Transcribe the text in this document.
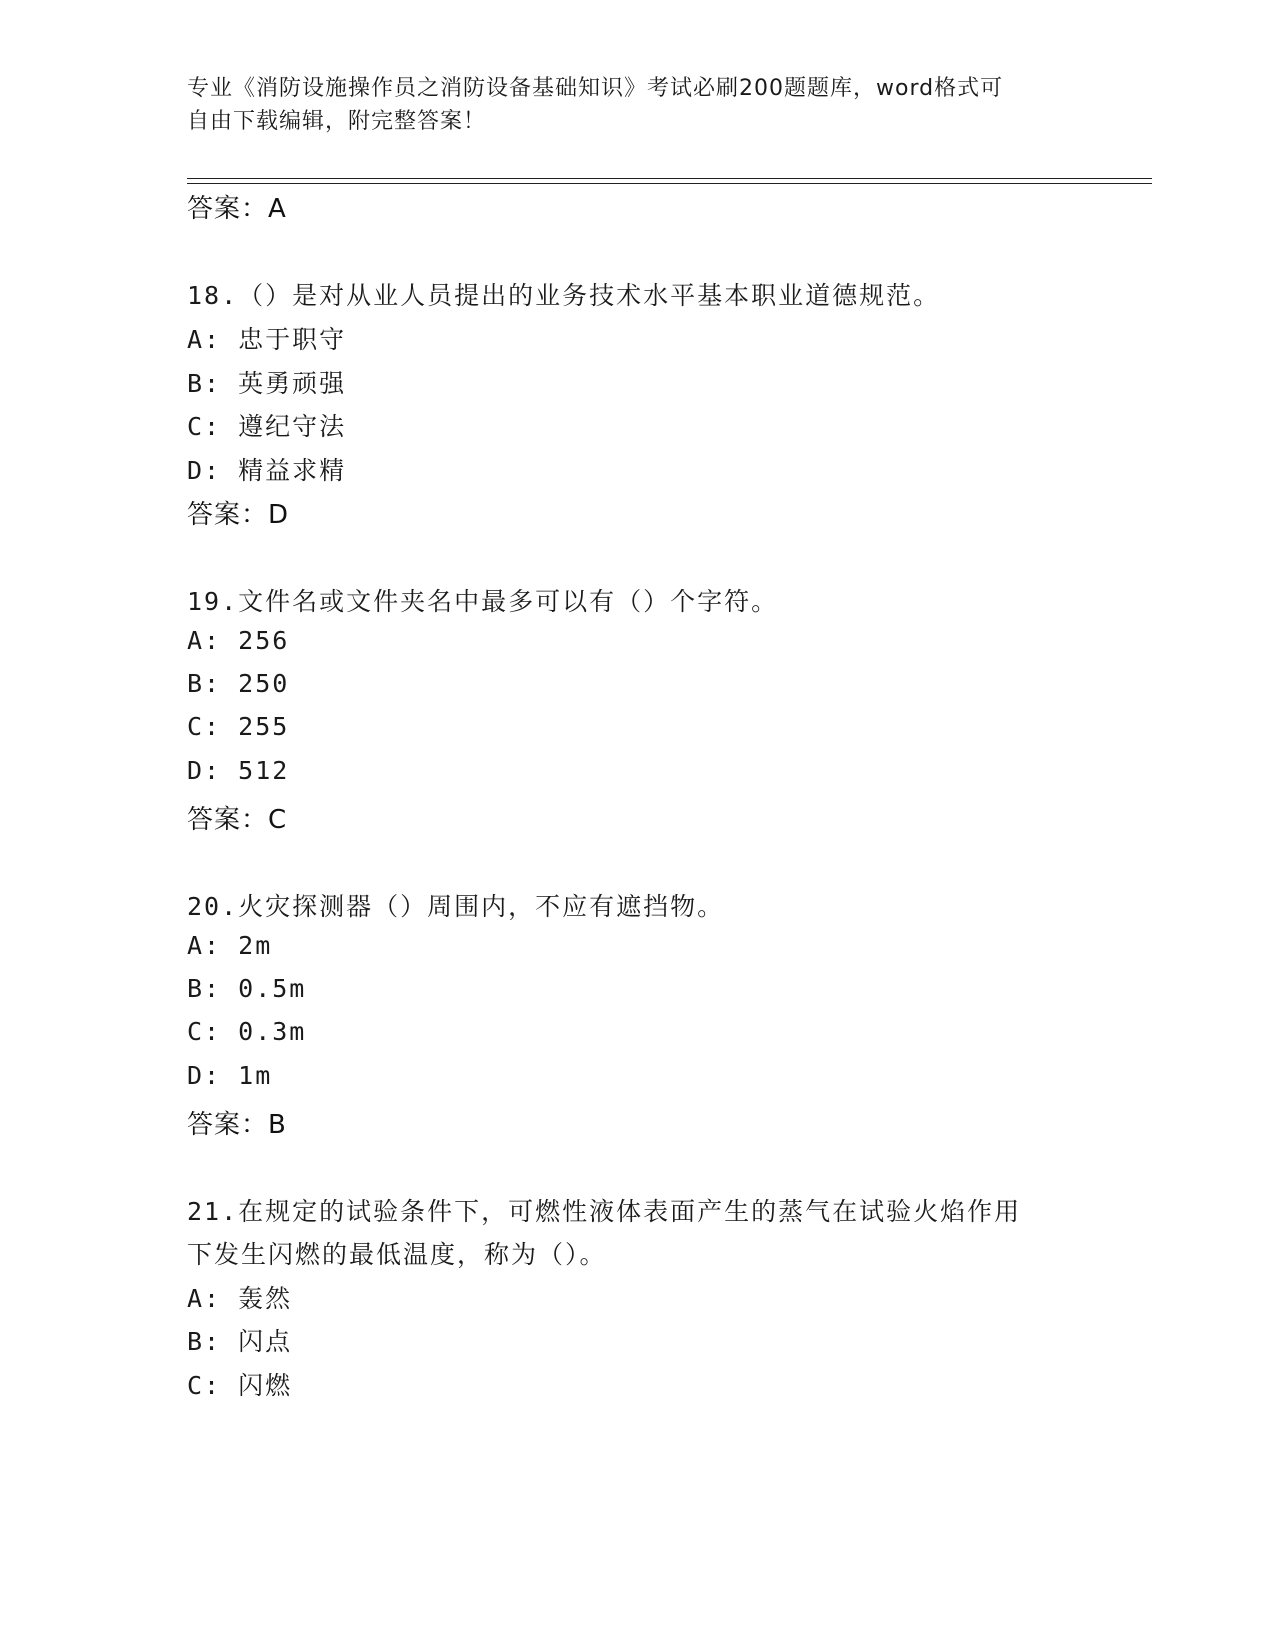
专业《消防设施操作员之消防设备基础知识》考试必刷200题题库，word格式可
自由下载编辑，附完整答案！
答案：A
18.（）是对从业人员提出的业务技术水平基本职业道德规范。
A: 忠于职守
B: 英勇顽强
C: 遵纪守法
D: 精益求精
答案：D
19.文件名或文件夹名中最多可以有（）个字符。
A: 256
B: 250
C: 255
D: 512
答案：C
20.火灾探测器（）周围内，不应有遮挡物。
A: 2m
B: 0.5m
C: 0.3m
D: 1m
答案：B
21.在规定的试验条件下，可燃性液体表面产生的蒸气在试验火焰作用
下发生闪燃的最低温度，称为（）。
A: 轰然
B: 闪点
C: 闪燃
